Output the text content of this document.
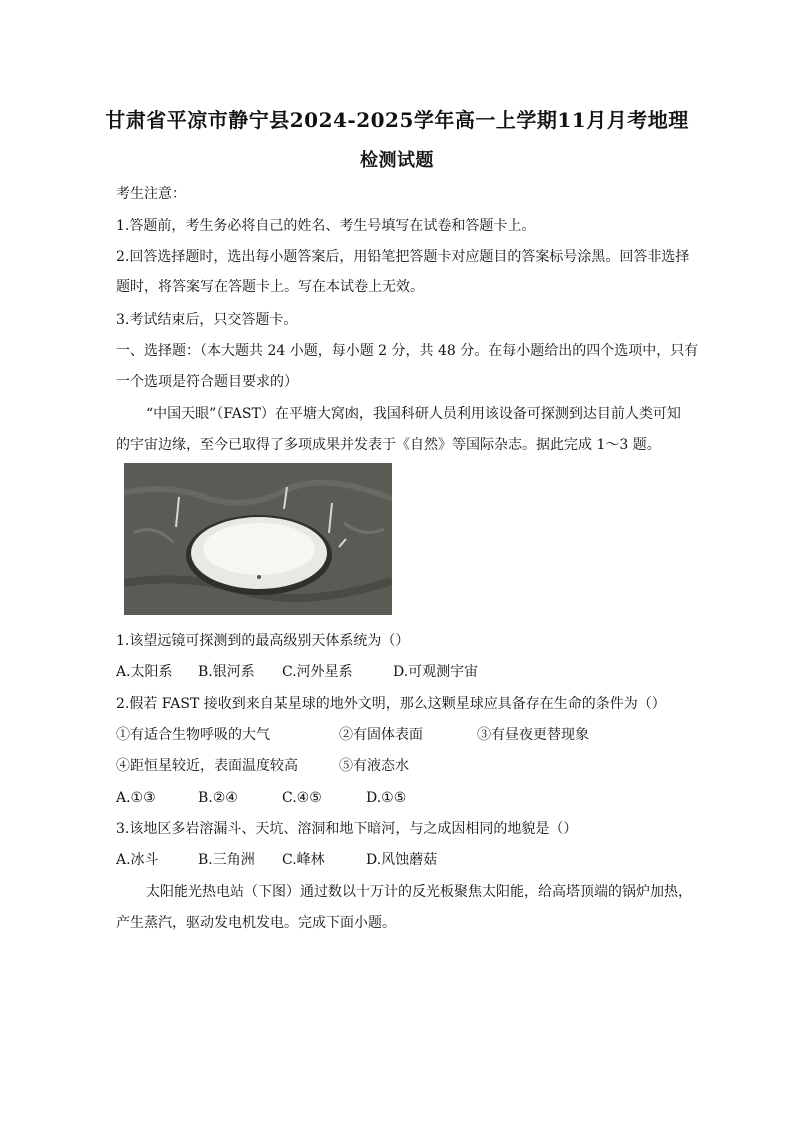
甘肃省平凉市静宁县2024-2025学年高一上学期11月月考地理
检测试题
考生注意：
1.答题前，考生务必将自己的姓名、考生号填写在试卷和答题卡上。
2.回答选择题时，选出每小题答案后，用铅笔把答题卡对应题目的答案标号涂黑。回答非选择
题时，将答案写在答题卡上。写在本试卷上无效。
3.考试结束后，只交答题卡。
一、选择题：（本大题共 24 小题，每小题 2 分，共 48 分。在每小题给出的四个选项中，只有
一个选项是符合题目要求的）
“中国天眼”（FAST）在平塘大窝凼，我国科研人员利用该设备可探测到达目前人类可知
的宇宙边缘，至今已取得了多项成果并发表于《自然》等国际杂志。据此完成 1～3 题。
1.该望远镜可探测到的最高级别天体系统为（）
A.太阳系 B.银河系 C.河外星系	D.可观测宇宙
2.假若 FAST 接收到来自某星球的地外文明，那么这颗星球应具备存在生命的条件为（）
①有适合生物呼吸的大气	②有固体表面	③有昼夜更替现象
④距恒星较近，表面温度较高	⑤有液态水
A.①③	B.②④	C.④⑤	D.①⑤
3.该地区多岩溶漏斗、天坑、溶洞和地下暗河，与之成因相同的地貌是（）
A.冰斗	B.三角洲 C.峰林	D.风蚀蘑菇
太阳能光热电站（下图）通过数以十万计的反光板聚焦太阳能，给高塔顶端的锅炉加热，
产生蒸汽，驱动发电机发电。完成下面小题。
